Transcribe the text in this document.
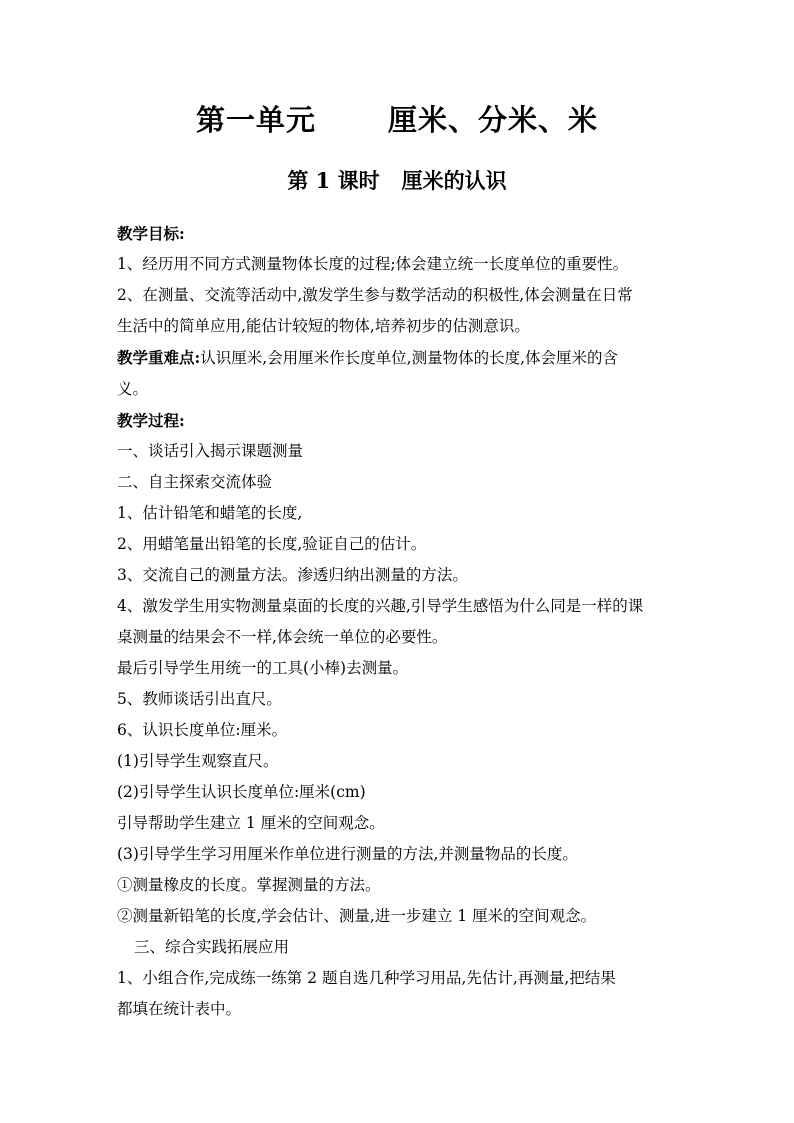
第一单元 厘米、分米、米
第 1 课时 厘米的认识
教学目标:
1、经历用不同方式测量物体长度的过程;体会建立统一长度单位的重要性。
2、在测量、交流等活动中,激发学生参与数学活动的积极性,体会测量在日常
生活中的简单应用,能估计较短的物体,培养初步的估测意识。
教学重难点:认识厘米,会用厘米作长度单位,测量物体的长度,体会厘米的含
义。
教学过程:
一、谈话引入揭示课题测量
二、自主探索交流体验
1、估计铅笔和蜡笔的长度,
2、用蜡笔量出铅笔的长度,验证自己的估计。
3、交流自己的测量方法。渗透归纳出测量的方法。
4、激发学生用实物测量桌面的长度的兴趣,引导学生感悟为什么同是一样的课
桌测量的结果会不一样,体会统一单位的必要性。
最后引导学生用统一的工具(小棒)去测量。
5、教师谈话引出直尺。
6、认识长度单位:厘米。
(1)引导学生观察直尺。
(2)引导学生认识长度单位:厘米(cm)
引导帮助学生建立 1 厘米的空间观念。
(3)引导学生学习用厘米作单位进行测量的方法,并测量物品的长度。
①测量橡皮的长度。掌握测量的方法。
②测量新铅笔的长度,学会估计、测量,进一步建立 1 厘米的空间观念。
三、综合实践拓展应用
1、小组合作,完成练一练第 2 题自选几种学习用品,先估计,再测量,把结果
都填在统计表中。
